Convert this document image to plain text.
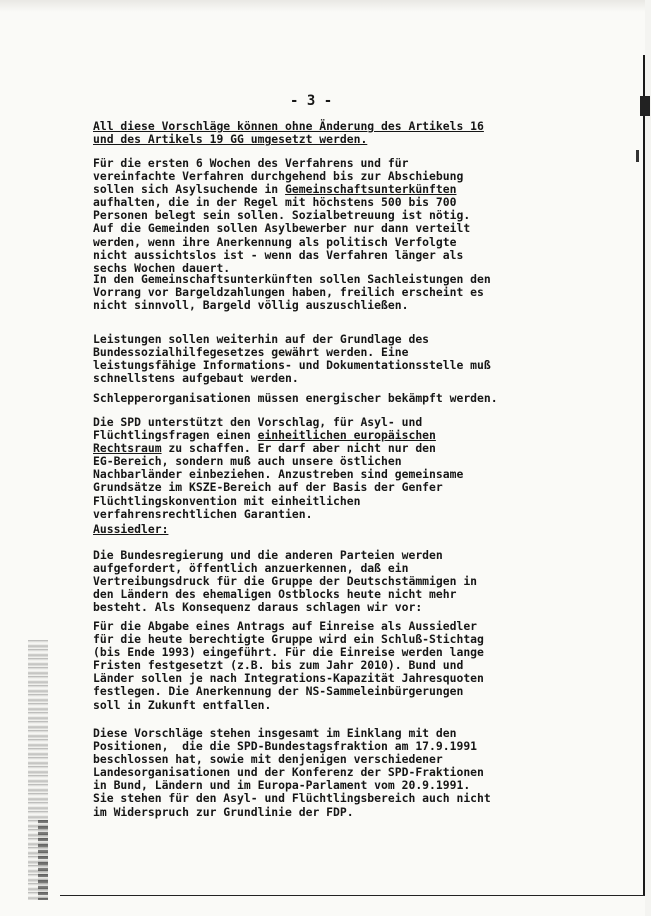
- 3 -

All diese Vorschläge können ohne Änderung des Artikels 16
und des Artikels 19 GG umgesetzt werden.

Für die ersten 6 Wochen des Verfahrens und für
vereinfachte Verfahren durchgehend bis zur Abschiebung
sollen sich Asylsuchende in Gemeinschaftsunterkünften
aufhalten, die in der Regel mit höchstens 500 bis 700
Personen belegt sein sollen. Sozialbetreuung ist nötig.
Auf die Gemeinden sollen Asylbewerber nur dann verteilt
werden, wenn ihre Anerkennung als politisch Verfolgte
nicht aussichtslos ist - wenn das Verfahren länger als
sechs Wochen dauert.

In den Gemeinschaftsunterkünften sollen Sachleistungen den
Vorrang vor Bargeldzahlungen haben, freilich erscheint es
nicht sinnvoll, Bargeld völlig auszuschließen.

Leistungen sollen weiterhin auf der Grundlage des
Bundessozialhilfegesetzes gewährt werden. Eine
leistungsfähige Informations- und Dokumentationsstelle muß
schnellstens aufgebaut werden.

Schlepperorganisationen müssen energischer bekämpft werden.

Die SPD unterstützt den Vorschlag, für Asyl- und
Flüchtlingsfragen einen einheitlichen europäischen
Rechtsraum zu schaffen. Er darf aber nicht nur den
EG-Bereich, sondern muß auch unsere östlichen
Nachbarländer einbeziehen. Anzustreben sind gemeinsame
Grundsätze im KSZE-Bereich auf der Basis der Genfer
Flüchtlingskonvention mit einheitlichen
verfahrensrechtlichen Garantien.

Aussiedler:

Die Bundesregierung und die anderen Parteien werden
aufgefordert, öffentlich anzuerkennen, daß ein
Vertreibungsdruck für die Gruppe der Deutschstämmigen in
den Ländern des ehemaligen Ostblocks heute nicht mehr
besteht. Als Konsequenz daraus schlagen wir vor:

Für die Abgabe eines Antrags auf Einreise als Aussiedler
für die heute berechtigte Gruppe wird ein Schluß-Stichtag
(bis Ende 1993) eingeführt. Für die Einreise werden lange
Fristen festgesetzt (z.B. bis zum Jahr 2010). Bund und
Länder sollen je nach Integrations-Kapazität Jahresquoten
festlegen. Die Anerkennung der NS-Sammeleinbürgerungen
soll in Zukunft entfallen.

Diese Vorschläge stehen insgesamt im Einklang mit den
Positionen,  die die SPD-Bundestagsfraktion am 17.9.1991
beschlossen hat, sowie mit denjenigen verschiedener
Landesorganisationen und der Konferenz der SPD-Fraktionen
in Bund, Ländern und im Europa-Parlament vom 20.9.1991.
Sie stehen für den Asyl- und Flüchtlingsbereich auch nicht
im Widerspruch zur Grundlinie der FDP.
